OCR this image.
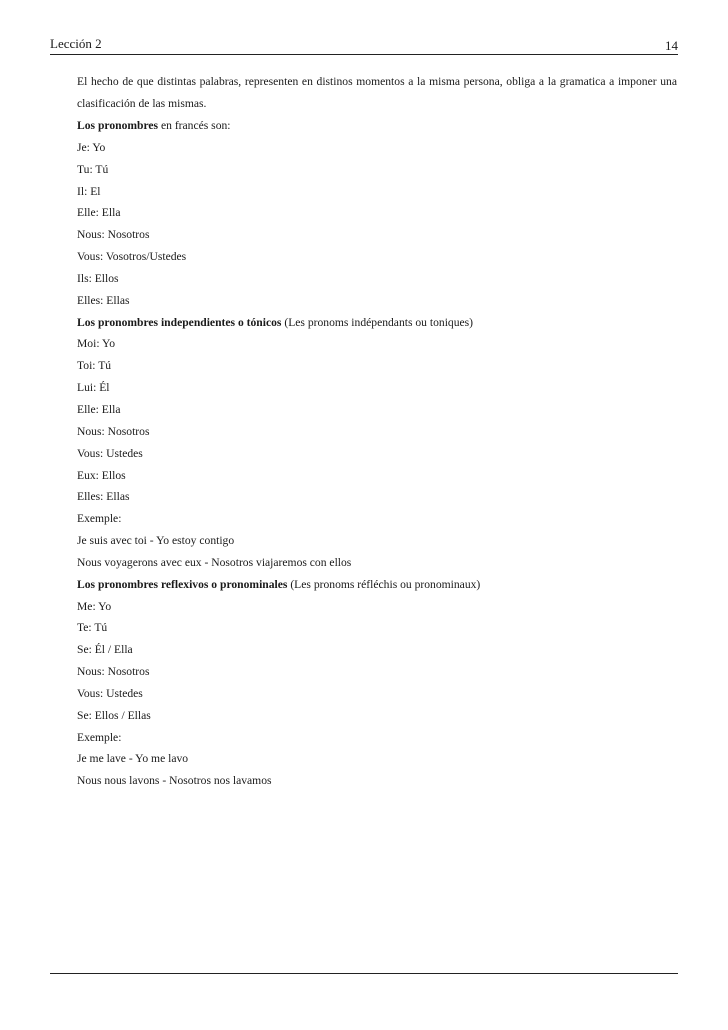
Lección 2	14

El hecho de que distintas palabras, representen en distinos momentos a la misma persona, obliga a la gramatica a imponer una clasificación de las mismas.

Los pronombres en francés son:
Je: Yo
Tu: Tú
Il: El
Elle: Ella
Nous: Nosotros
Vous: Vosotros/Ustedes
Ils: Ellos
Elles: Ellas
Los pronombres independientes o tónicos (Les pronoms indépendants ou toniques)
Moi: Yo
Toi: Tú
Lui: Él
Elle: Ella
Nous: Nosotros
Vous: Ustedes
Eux: Ellos
Elles: Ellas
Exemple:
Je suis avec toi - Yo estoy contigo
Nous voyagerons avec eux - Nosotros viajaremos con ellos
Los pronombres reflexivos o pronominales (Les pronoms réfléchis ou pronominaux)
Me: Yo
Te: Tú
Se: Él / Ella
Nous: Nosotros
Vous: Ustedes
Se: Ellos / Ellas
Exemple:
Je me lave - Yo me lavo
Nous nous lavons - Nosotros nos lavamos
